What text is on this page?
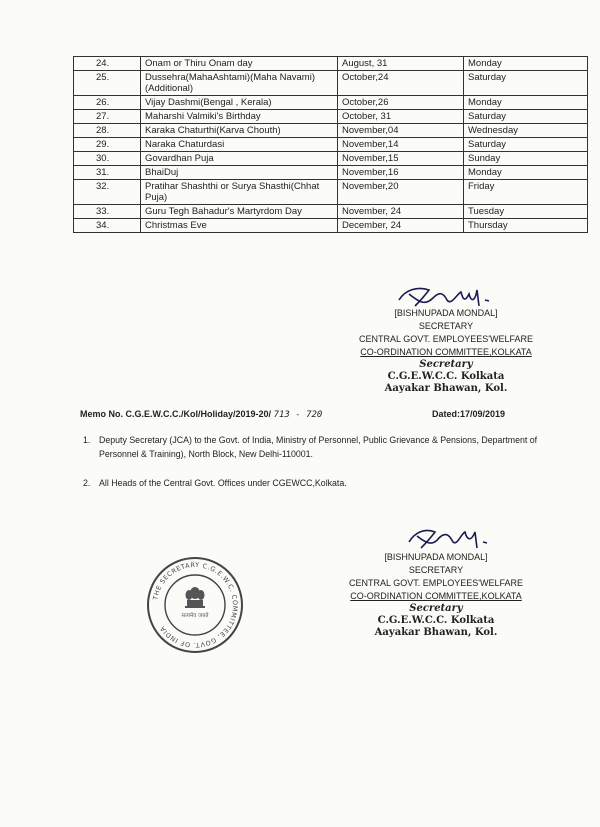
24.	Onam or Thiru Onam day	August, 31	Monday
25.	Dussehra(MahaAshtami)(Maha Navami)(Additional)	October,24	Saturday
26.	Vijay Dashmi(Bengal , Kerala)	October,26	Monday
27.	Maharshi Valmiki's Birthday	October, 31	Saturday
28.	Karaka Chaturthi(Karva Chouth)	November,04	Wednesday
29.	Naraka Chaturdasi	November,14	Saturday
30.	Govardhan Puja	November,15	Sunday
31.	BhaiDuj	November,16	Monday
32.	Pratihar Shashthi or Surya Shasthi(Chhat Puja)	November,20	Friday
33.	Guru Tegh Bahadur's Martyrdom Day	November, 24	Tuesday
34.	Christmas Eve	December, 24	Thursday
[BISHNUPADA MONDAL]
SECRETARY
CENTRAL GOVT. EMPLOYEES'WELFARE
CO-ORDINATION COMMITTEE,KOLKATA
Secretary
C.G.E.W.C.C. Kolkata
Aayakar Bhawan, Kol.
Memo No. C.G.E.W.C.C./Kol/Holiday/2019-20/ 713 - 720	Dated:17/09/2019
1. Deputy Secretary (JCA) to the Govt. of India, Ministry of Personnel, Public Grievance & Pensions, Department of Personnel & Training), North Block, New Delhi-110001.
2. All Heads of the Central Govt. Offices under CGEWCC,Kolkata.
[BISHNUPADA MONDAL]
SECRETARY
CENTRAL GOVT. EMPLOYEES'WELFARE
CO-ORDINATION COMMITTEE,KOLKATA
Secretary
C.G.E.W.C.C. Kolkata
Aayakar Bhawan, Kol.
THE SECRETARY C.G.E.W.C. COMMITTEE, GOVT. OF INDIA
सत्यमेव जयते
